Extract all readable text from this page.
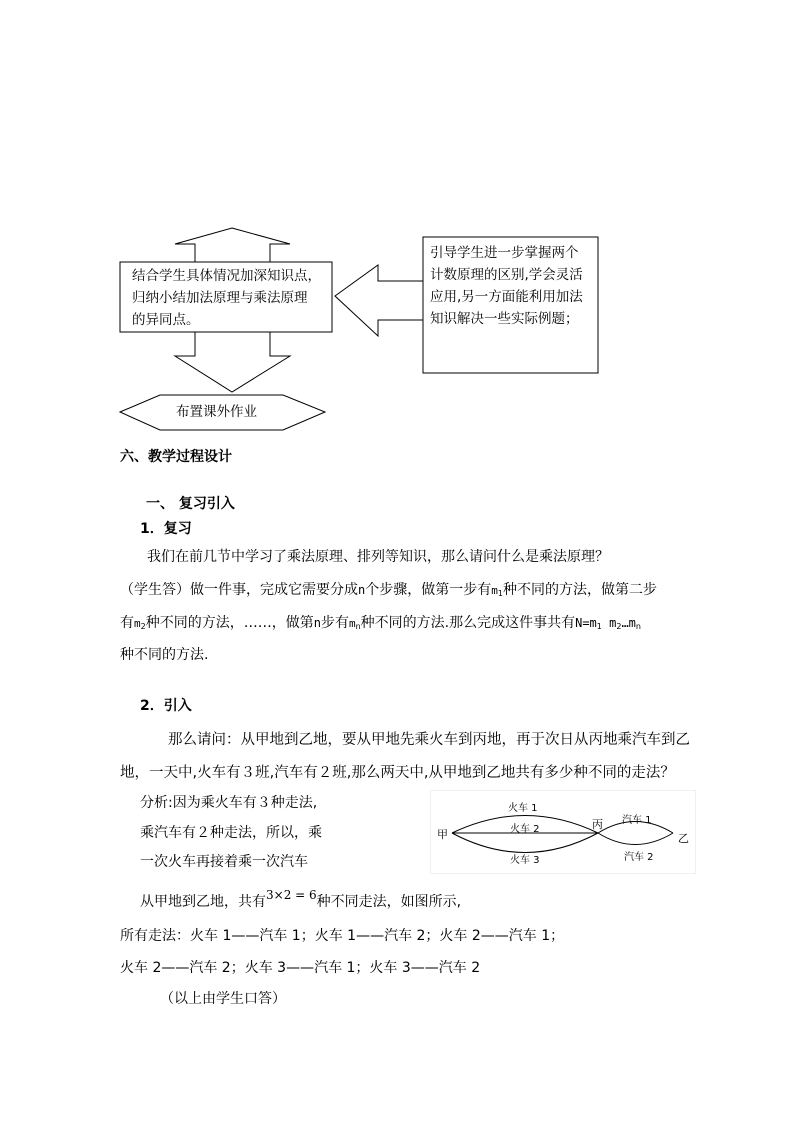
结合学生具体情况加深知识点，
归纳小结加法原理与乘法原理
的异同点。
引导学生进一步掌握两个
计数原理的区别,学会灵活
应用,另一方面能利用加法
知识解决一些实际例题；
布置课外作业
六、教学过程设计
一、 复习引入
1．复习
我们在前几节中学习了乘法原理、排列等知识，那么请问什么是乘法原理？
（学生答）做一件事，完成它需要分成n个步骤，做第一步有$m_1$种不同的方法，做第二步
有$m_2$种不同的方法，……，做第n步有$m_n$种不同的方法.那么完成这件事共有$N=m_1$ $m_2\dots m_n$
种不同的方法.
2．引入
那么请问：从甲地到乙地，要从甲地先乘火车到丙地，再于次日从丙地乘汽车到乙
地，一天中,火车有３班,汽车有２班,那么两天中,从甲地到乙地共有多少种不同的走法？
分析:因为乘火车有３种走法,
乘汽车有２种走法，所以，乘
一次火车再接着乘一次汽车
甲
丙
乙
火车 1
火车 2
火车 3
汽车 1
汽车 2
从甲地到乙地，共有3×2 = 6种不同走法，如图所示,
所有走法：火车 1——汽车 1；火车 1——汽车 2；火车 2——汽车 1；
火车 2——汽车 2；火车 3——汽车 1；火车 3——汽车 2
（以上由学生口答）
